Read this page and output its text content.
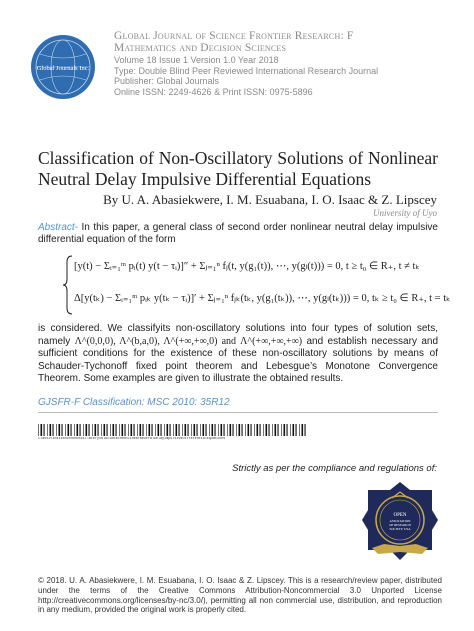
Global Journals Inc.
Global Journal of Science Frontier Research: F
Mathematics and Decision Sciences
Volume 18 Issue 1 Version 1.0 Year 2018
Type: Double Blind Peer Reviewed International Research Journal
Publisher: Global Journals
Online ISSN: 2249-4626 & Print ISSN: 0975-5896
Classification of Non-Oscillatory Solutions of Nonlinear Neutral Delay Impulsive Differential Equations
By U. A. Abasiekwere, I. M. Esuabana, I. O. Isaac & Z. Lipscey
University of Uyo
Abstract- In this paper, a general class of second order nonlinear neutral delay impulsive differential equation of the form
[y(t) − Σᵢ₌₁ᵐ pᵢ(t) y(t − τᵢ)]″ + Σⱼ₌₁ⁿ fⱼ(t, y(g₁(t)), ⋯, y(gₗ(t))) = 0, t ≥ t₀ ∈ R₊, t ≠ tₖ
Δ[y(tₖ) − Σᵢ₌₁ᵐ pᵢₖ y(tₖ − τᵢ)]′ + Σⱼ₌₁ⁿ fⱼₖ(tₖ, y(g₁(tₖ)), ⋯, y(gₗ(tₖ))) = 0, tₖ ≥ t₀ ∈ R₊, t = tₖ
is considered. We classifyits non-oscillatory solutions into four types of solution sets, namely Λ^(0,0,0), Λ^(b,a,0), Λ^(+∞,+∞,0) and Λ^(+∞,+∞,+∞) and establish necessary and sufficient conditions for the existence of these non-oscillatory solutions by means of Schauder-Tychonoff fixed point theorem and Lebesgue’s Monotone Convergence Theorem. Some examples are given to illustrate the obtained results.
GJSFR-F Classification: MSC 2010: 35R12
ClassificationofNonOscillatorySolutionsofNonlinearNeutralDelayImpulsiveDifferentialEquations
Strictly as per the compliance and regulations of:
OPEN
ASSOCIATION
OF RESEARCH
SOCIETY, USA
© 2018. U. A. Abasiekwere, I. M. Esuabana, I. O. Isaac & Z. Lipscey. This is a research/review paper, distributed under the terms of the Creative Commons Attribution-Noncommercial 3.0 Unported License http://creativecommons.org/licenses/by-nc/3.0/), permitting all non commercial use, distribution, and reproduction in any medium, provided the original work is properly cited.
